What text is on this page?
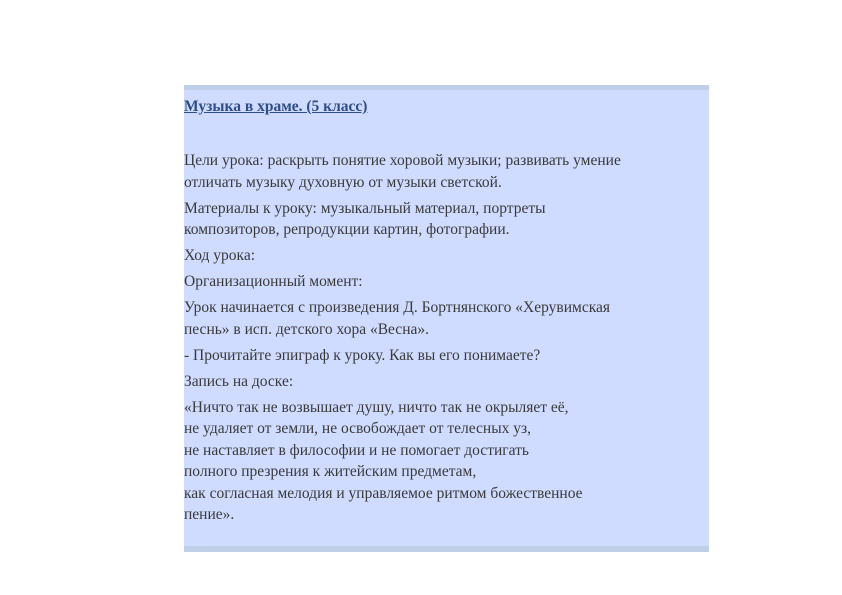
Музыка в храме. (5 класс)

Цели урока: раскрыть понятие хоровой музыки; развивать умение
отличать музыку духовную от музыки светской.

Материалы к уроку: музыкальный материал, портреты
композиторов, репродукции картин, фотографии.

Ход урока:

Организационный момент:

Урок начинается с произведения Д. Бортнянского «Херувимская
песнь» в исп. детского хора «Весна».

- Прочитайте эпиграф к уроку. Как вы его понимаете?

Запись на доске:

«Ничто так не возвышает душу, ничто так не окрыляет её,
не удаляет от земли, не освобождает от телесных уз,
не наставляет в философии и не помогает достигать
полного презрения к житейским предметам,
как согласная мелодия и управляемое ритмом божественное
пение».
